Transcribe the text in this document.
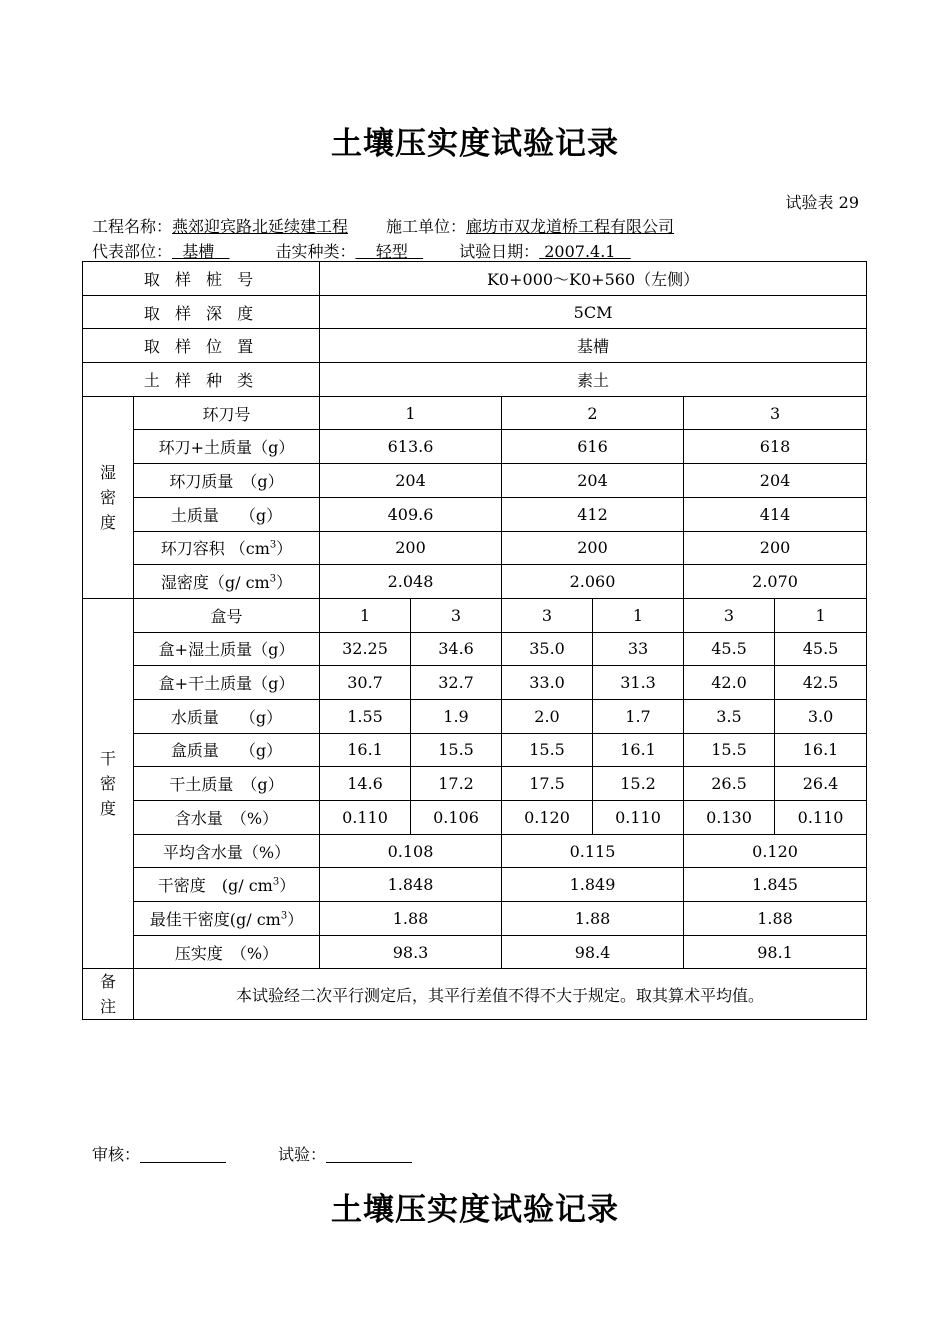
土壤压实度试验记录
试验表 29
工程名称：燕郊迎宾路北延续建工程 施工单位：廊坊市双龙道桥工程有限公司
代表部位： 基槽	击实种类： 轻型	试验日期： 2007.4.1
取 样 桩 号		K0+000～K0+560（左侧）					
取 样 深 度		5CM					
取 样 位 置		基槽					
土 样 种 类		素土					
湿
密
度	环刀号	1		2		3	
	环刀+土质量（g）	613.6		616		618	
	环刀质量　（g）	204		204		204	
	土质量　 （g）	409.6		412		414	
	环刀容积 $(cm^3)$	200		200		200	
	湿密度（g/ $cm^3$）	2.048		2.060		2.070	
干
密
度	盒号	1	3	3	1	3	1
	盒+湿土质量（g）	32.25	34.6	35.0	33	45.5	45.5
	盒+干土质量（g）	30.7	32.7	33.0	31.3	42.0	42.5
	水质量　 （g）	1.55	1.9	2.0	1.7	3.5	3.0
	盒质量　 （g）	16.1	15.5	15.5	16.1	15.5	16.1
	干土质量　（g）	14.6	17.2	17.5	15.2	26.5	26.4
	含水量　（%）	0.110	0.106	0.120	0.110	0.130	0.110
	平均含水量（%）	0.108		0.115		0.120	
	干密度　(g/ $cm^3$）	1.848		1.849		1.845	
	最佳干密度(g/ $cm^3$）	1.88		1.88		1.88	
	压实度　（%）	98.3		98.4		98.1	
备
注	本试验经二次平行测定后，其平行差值不得不大于规定。取其算术平均值。						
审核：	试验：
土壤压实度试验记录
